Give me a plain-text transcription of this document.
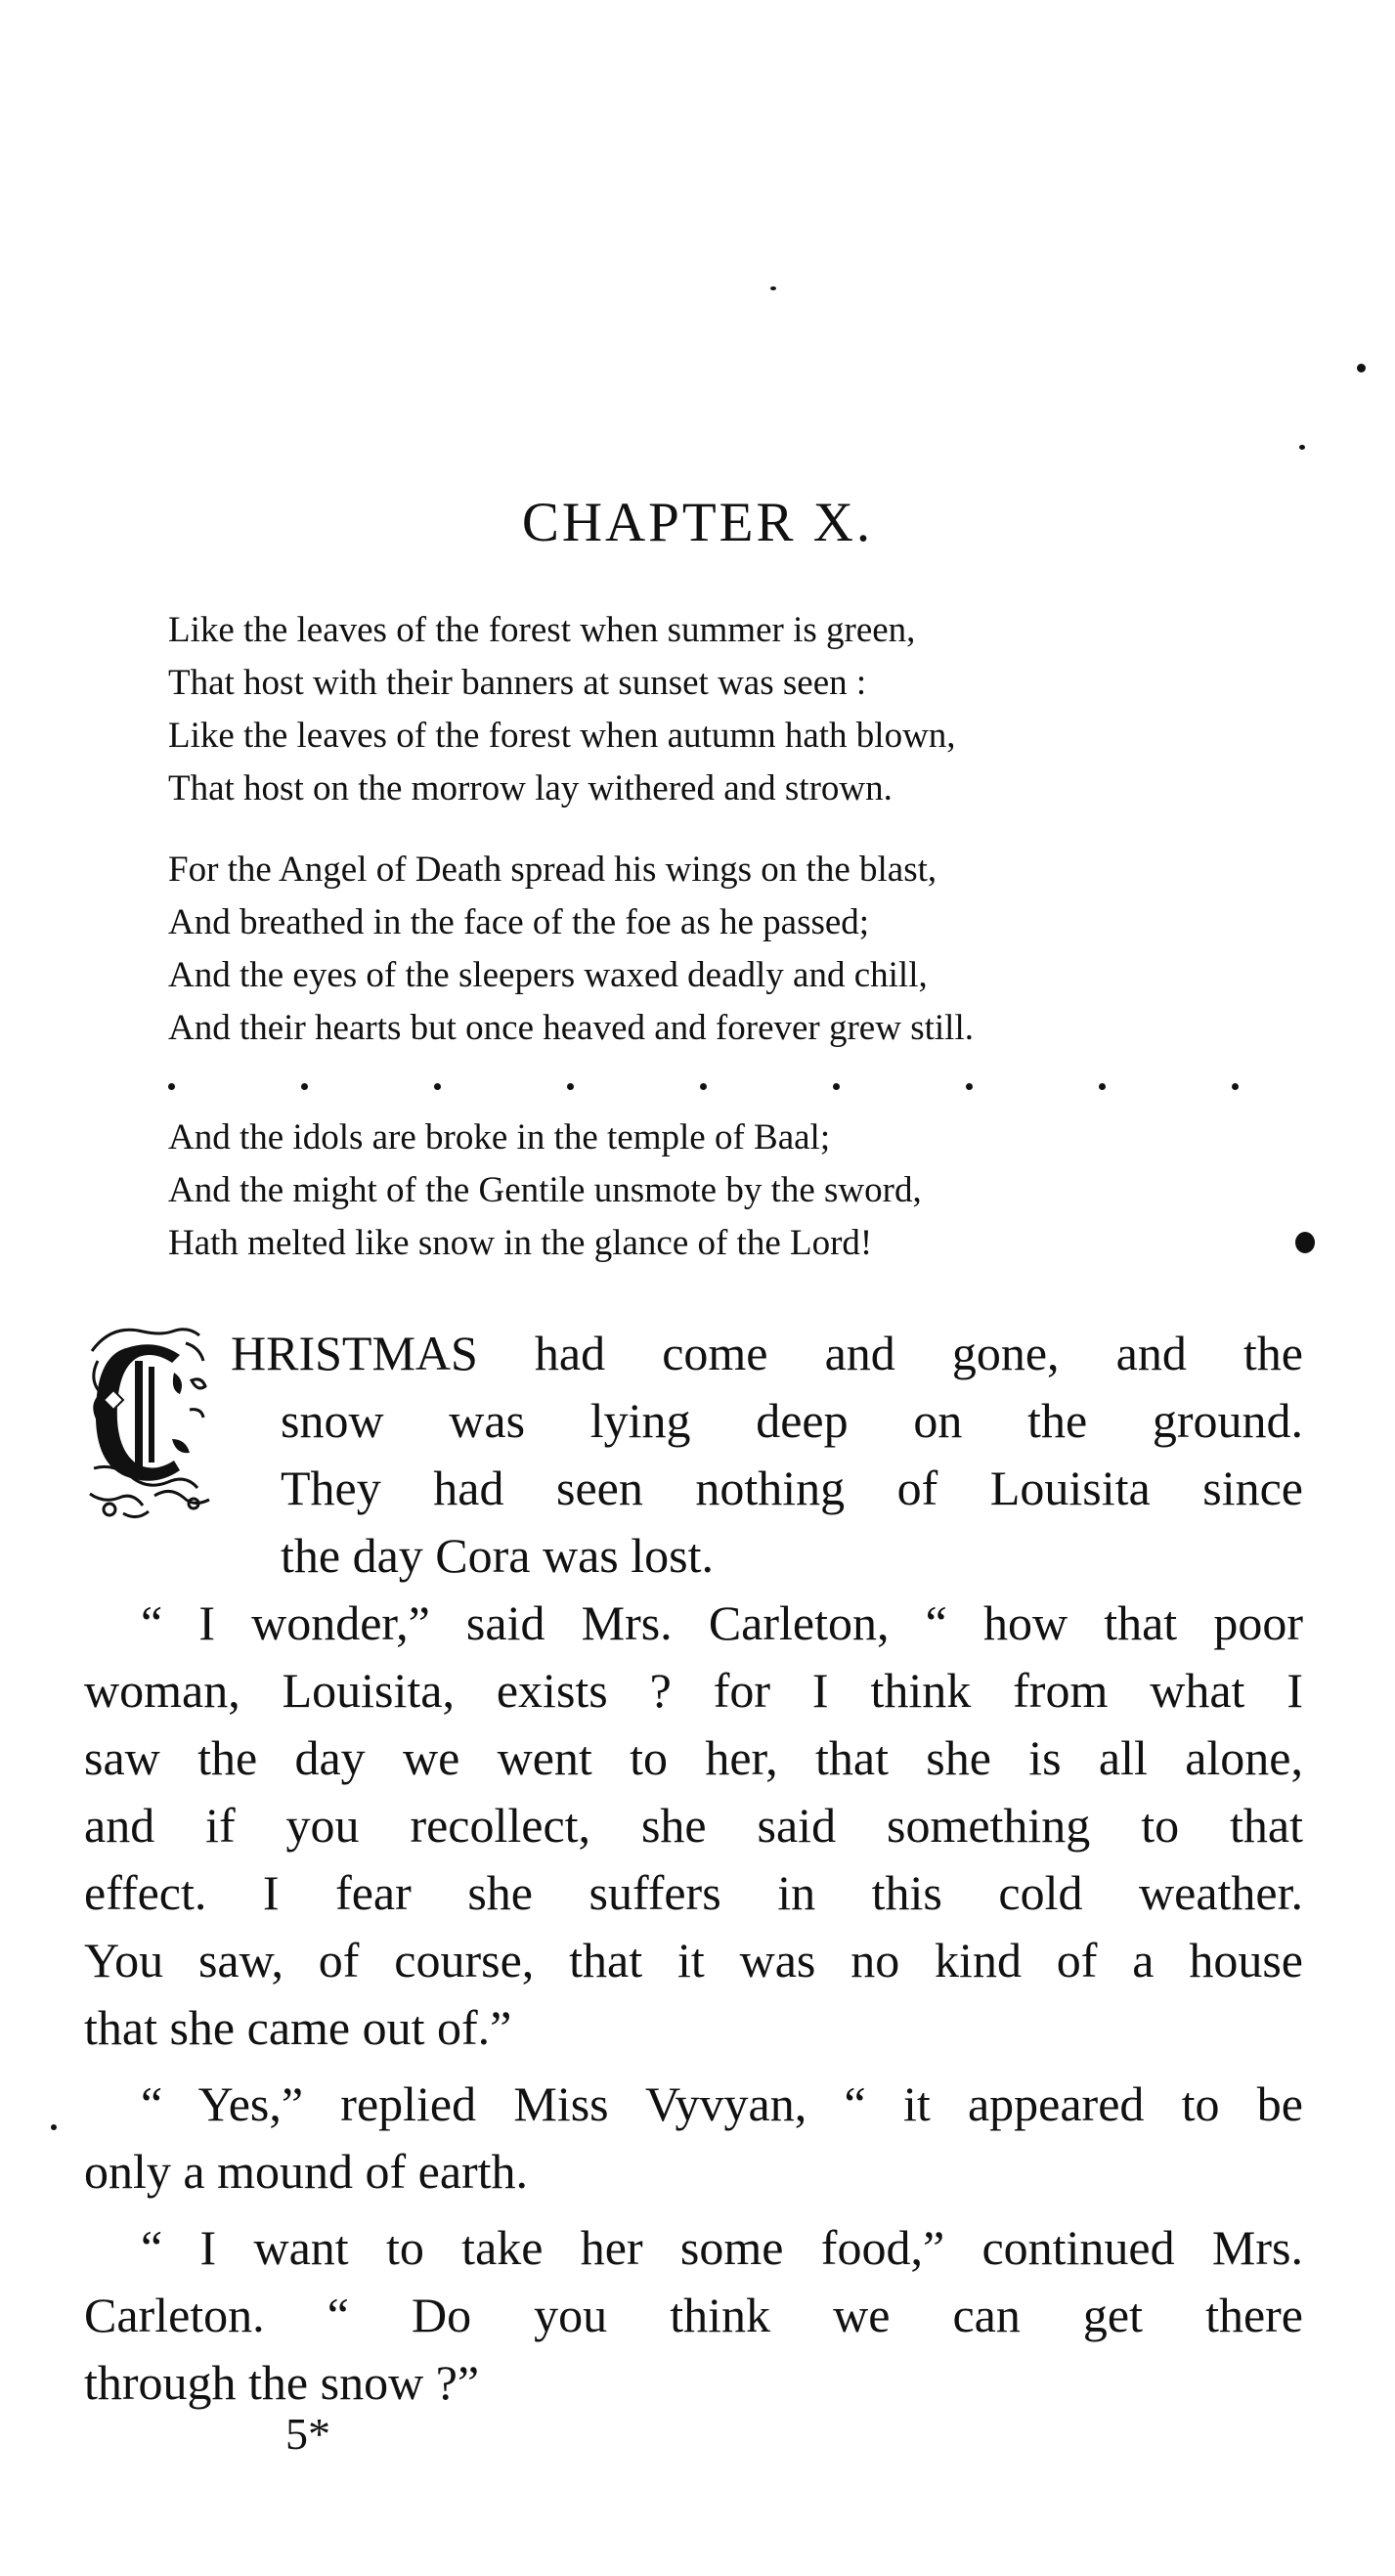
CHAPTER X.
Like the leaves of the forest when summer is green,
That host with their banners at sunset was seen :
Like the leaves of the forest when autumn hath blown,
That host on the morrow lay withered and strown.
For the Angel of Death spread his wings on the blast,
And breathed in the face of the foe as he passed;
And the eyes of the sleepers waxed deadly and chill,
And their hearts but once heaved and forever grew still.
And the idols are broke in the temple of Baal;
And the might of the Gentile unsmote by the sword,
Hath melted like snow in the glance of the Lord!
HRISTMAS had come and gone, and the
snow was lying deep on the ground.
They had seen nothing of Louisita since
the day Cora was lost.
“ I wonder,” said Mrs. Carleton, “ how that poor
woman, Louisita, exists ? for I think from what I
saw the day we went to her, that she is all alone,
and if you recollect, she said something to that
effect. I fear she suffers in this cold weather.
You saw, of course, that it was no kind of a house
that she came out of.”
“ Yes,” replied Miss Vyvyan, “ it appeared to be
only a mound of earth.
“ I want to take her some food,” continued Mrs.
Carleton. “ Do you think we can get there
through the snow ?”
5*
